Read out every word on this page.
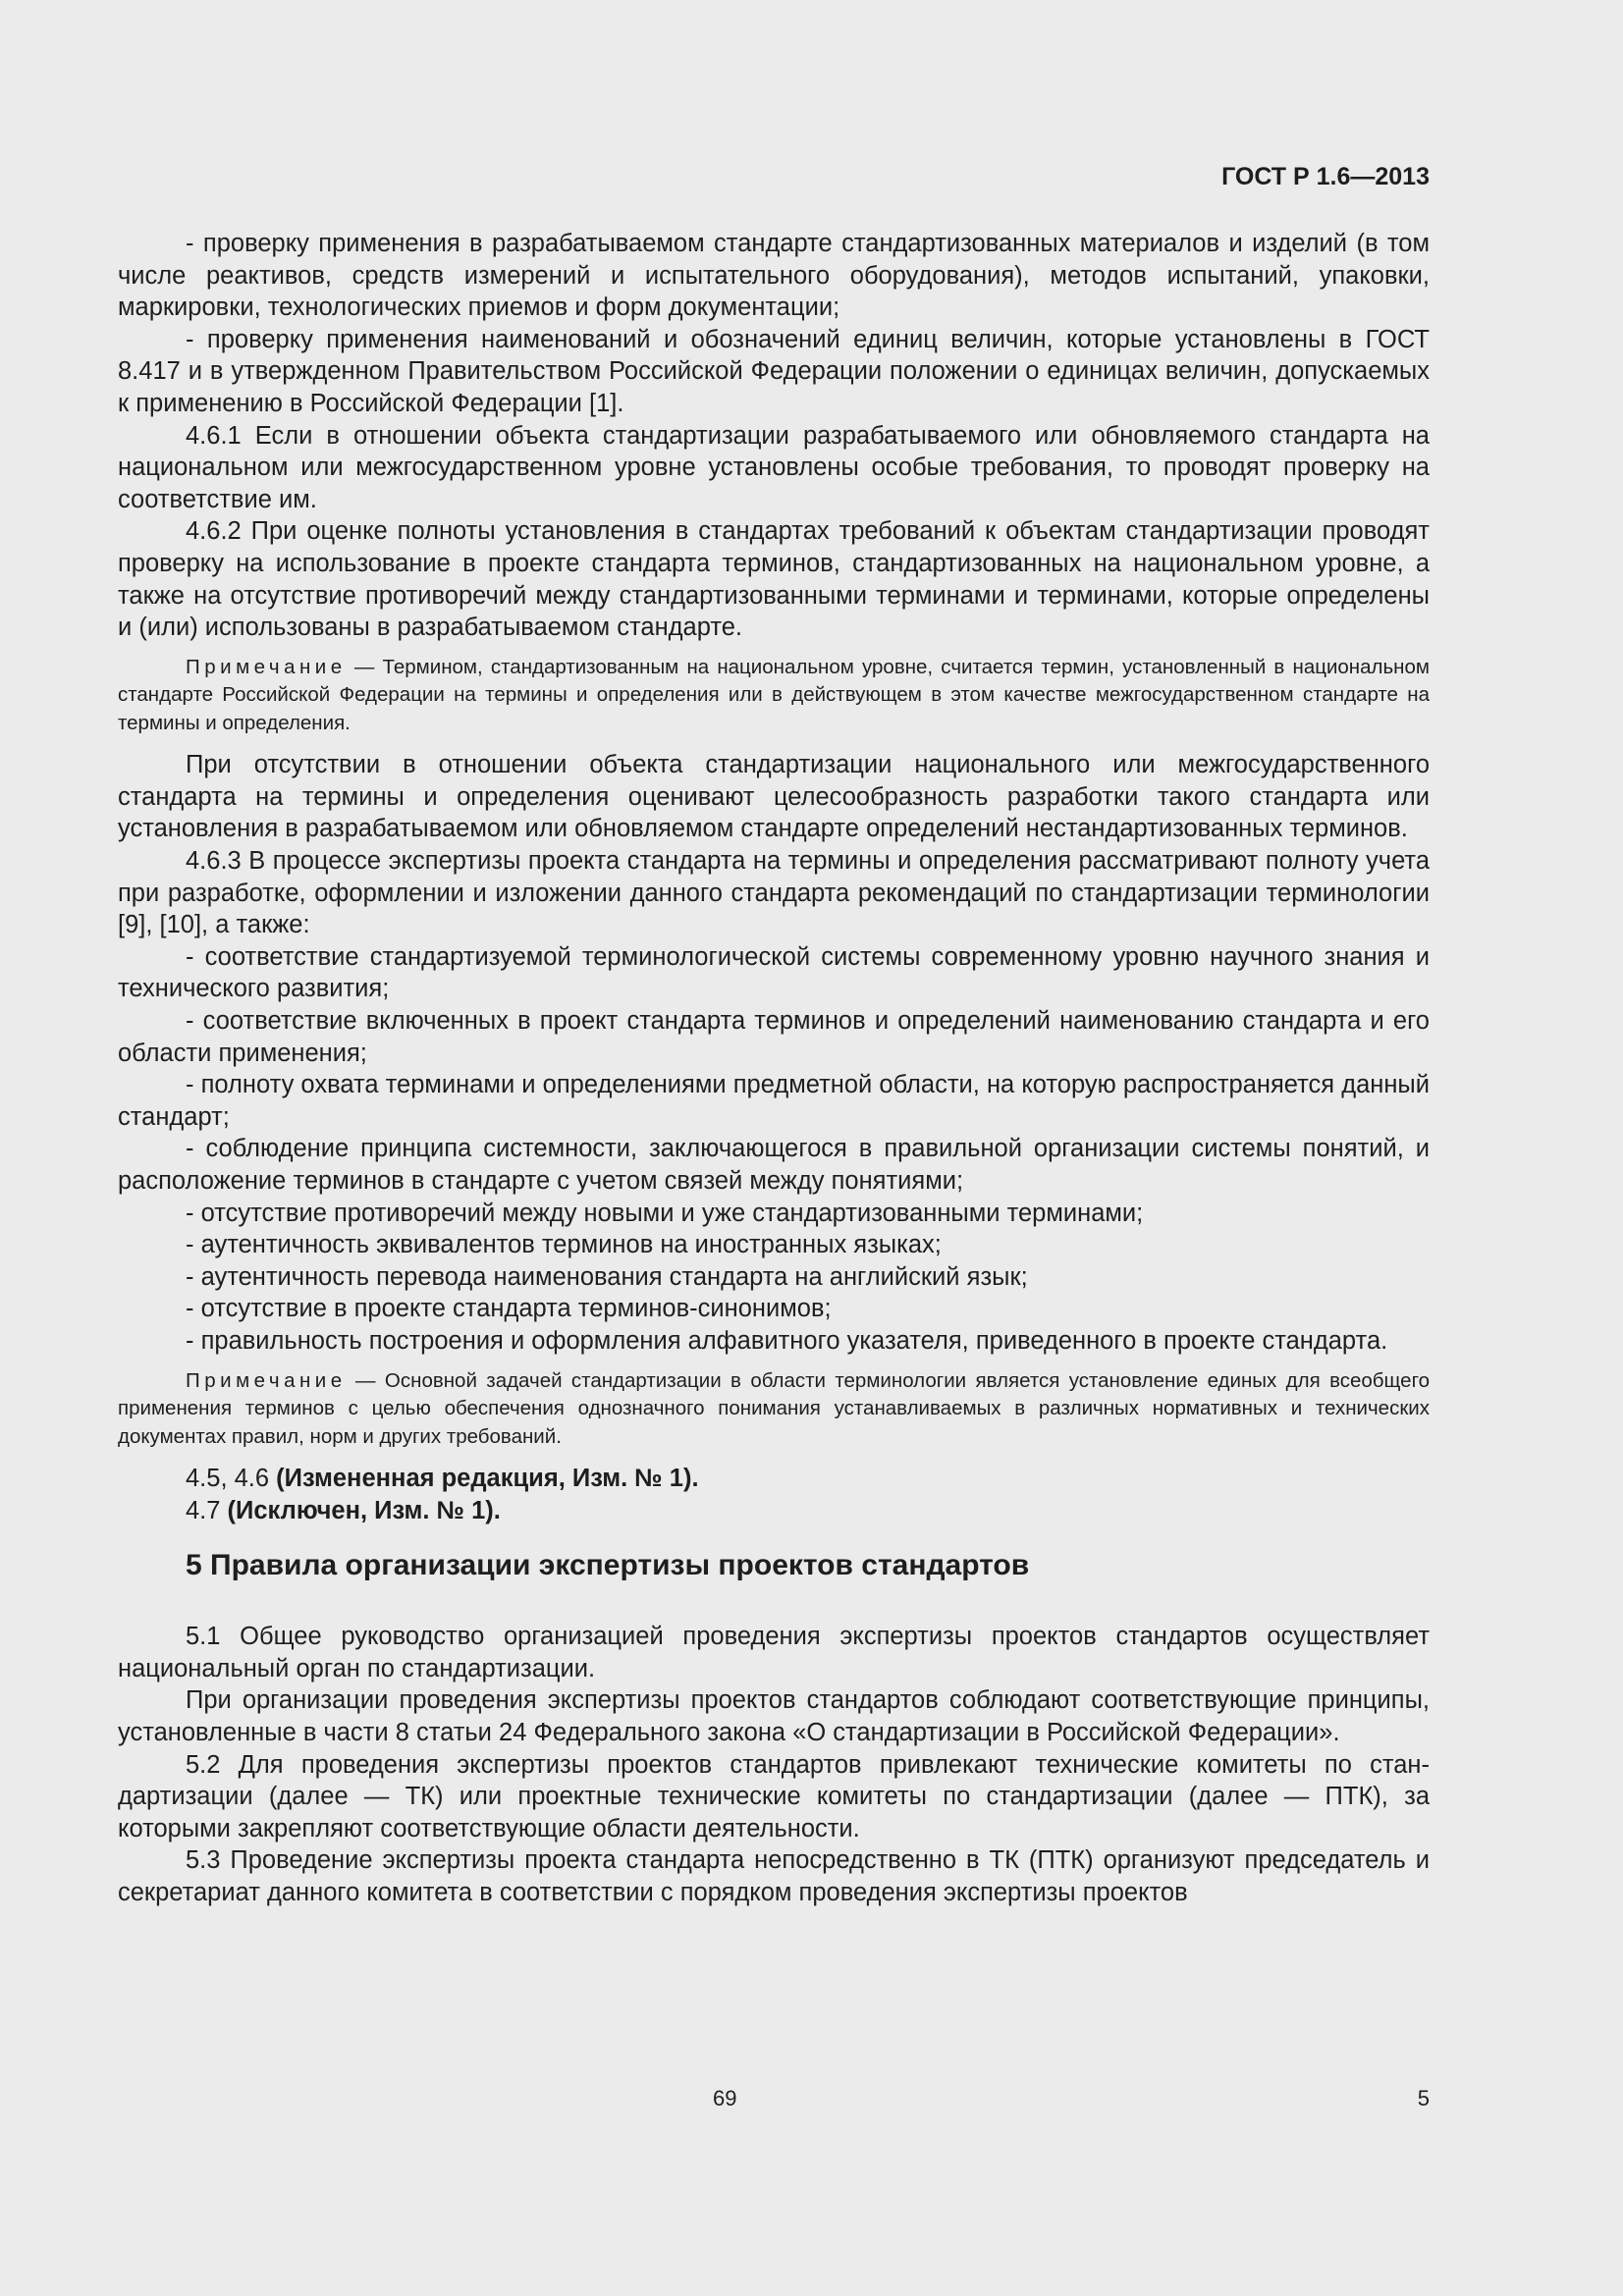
ГОСТ Р 1.6—2013

- проверку применения в разрабатываемом стандарте стандартизованных материалов и изделий (в том числе реактивов, средств измерений и испытательного оборудования), методов испытаний, упаковки, маркировки, технологических приемов и форм документации;

- проверку применения наименований и обозначений единиц величин, которые установлены в ГОСТ 8.417 и в утвержденном Правительством Российской Федерации положении о единицах величин, допускаемых к применению в Российской Федерации [1].

4.6.1 Если в отношении объекта стандартизации разрабатываемого или обновляемого стандарта на национальном или межгосударственном уровне установлены особые требования, то проводят проверку на соответствие им.

4.6.2 При оценке полноты установления в стандартах требований к объектам стандартизации проводят проверку на использование в проекте стандарта терминов, стандартизованных на национальном уровне, а также на отсутствие противоречий между стандартизованными терминами и терминами, которые определены и (или) использованы в разрабатываемом стандарте.

Примечание — Термином, стандартизованным на национальном уровне, считается термин, установленный в национальном стандарте Российской Федерации на термины и определения или в действующем в этом качестве межгосударственном стандарте на термины и определения.

При отсутствии в отношении объекта стандартизации национального или межгосударственного стандарта на термины и определения оценивают целесообразность разработки такого стандарта или установления в разрабатываемом или обновляемом стандарте определений нестандартизованных терминов.

4.6.3 В процессе экспертизы проекта стандарта на термины и определения рассматривают полноту учета при разработке, оформлении и изложении данного стандарта рекомендаций по стандартизации терминологии [9], [10], а также:

- соответствие стандартизуемой терминологической системы современному уровню научного знания и технического развития;

- соответствие включенных в проект стандарта терминов и определений наименованию стандарта и его области применения;

- полноту охвата терминами и определениями предметной области, на которую распространяется данный стандарт;

- соблюдение принципа системности, заключающегося в правильной организации системы понятий, и расположение терминов в стандарте с учетом связей между понятиями;

- отсутствие противоречий между новыми и уже стандартизованными терминами;

- аутентичность эквивалентов терминов на иностранных языках;

- аутентичность перевода наименования стандарта на английский язык;

- отсутствие в проекте стандарта терминов-синонимов;

- правильность построения и оформления алфавитного указателя, приведенного в проекте стандарта.

Примечание — Основной задачей стандартизации в области терминологии является установление единых для всеобщего применения терминов с целью обеспечения однозначного понимания устанавливаемых в различных нормативных и технических документах правил, норм и других требований.

4.5, 4.6 (Измененная редакция, Изм. № 1).

4.7 (Исключен, Изм. № 1).

5 Правила организации экспертизы проектов стандартов

5.1 Общее руководство организацией проведения экспертизы проектов стандартов осуществляет национальный орган по стандартизации.

При организации проведения экспертизы проектов стандартов соблюдают соответствующие принципы, установленные в части 8 статьи 24 Федерального закона «О стандартизации в Российской Федерации».

5.2 Для проведения экспертизы проектов стандартов привлекают технические комитеты по стандартизации (далее — ТК) или проектные технические комитеты по стандартизации (далее — ПТК), за которыми закрепляют соответствующие области деятельности.

5.3 Проведение экспертизы проекта стандарта непосредственно в ТК (ПТК) организуют председатель и секретариат данного комитета в соответствии с порядком проведения экспертизы проектов

69	5
